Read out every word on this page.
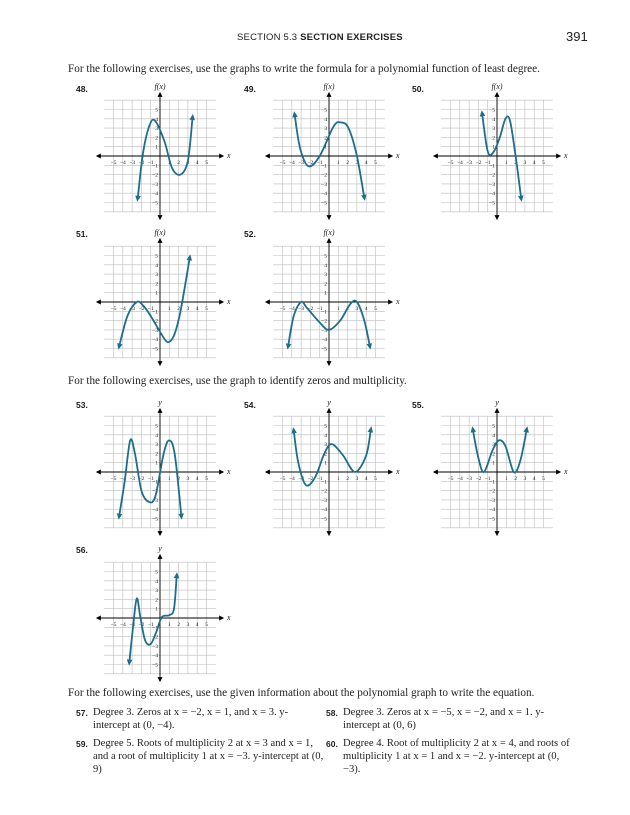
SECTION 5.3 SECTION EXERCISES	391
For the following exercises, use the graphs to write the formula for a polynomial function of least degree.
48.	49.	50.
51.	52.
−5 −4 −3 −2 −1	1 2 3 4 5
1
−1
2
−2
3
−3
4
−4
5
−5
x
f(x)
−5 −4 −3 −2 −1	1 2 3 4 5
1
−1
2
−2
3
−3
4
−4
5
−5
x
f(x)
−5 −4 −3 −2 −1	1 2 3 4 5
1
−1
2
−2
3
−3
4
−4
5
−5
x
f(x)
−5 −4 −3 −2 −1	1 2 3 4 5
1
−1
2
−2
3
−3
4
−4
5
−5
x
f(x)
−5 −4 −3 −2 −1	1 2 3 4 5
1
−1
2
−2
3
−3
4
−4
5
−5
x
f(x)
For the following exercises, use the graph to identify zeros and multiplicity.
53.	54.	55.
56.
−5 −4 −3 −2 −1	1 2 3 4 5
1
−1
2
−2
3
−3
4
−4
5
−5
x
y
−5 −4 −3 −2 −1	1 2 3 4 5
1
−1
2
−2
3
−3
4
−4
5
−5
x
y
−5 −4 −3 −2 −1	1 2 3 4 5
1
−1
2
−2
3
−3
4
−4
5
−5
x
y
−5 −4 −3 −2 −1	1 2 3 4 5
1
−1
2
−2
3
−3
4
−4
5
−5
x
y
For the following exercises, use the given information about the polynomial graph to write the equation.
57. Degree 3. Zeros at x = −2, x = 1, and x = 3. y-intercept at (0, −4).
58. Degree 3. Zeros at x = −5, x = −2, and x = 1. y-intercept at (0, 6)
59. Degree 5. Roots of multiplicity 2 at x = 3 and x = 1, and a root of multiplicity 1 at x = −3. y-intercept at (0, 9)
60. Degree 4. Root of multiplicity 2 at x = 4, and roots of multiplicity 1 at x = 1 and x = −2. y-intercept at (0, −3).
